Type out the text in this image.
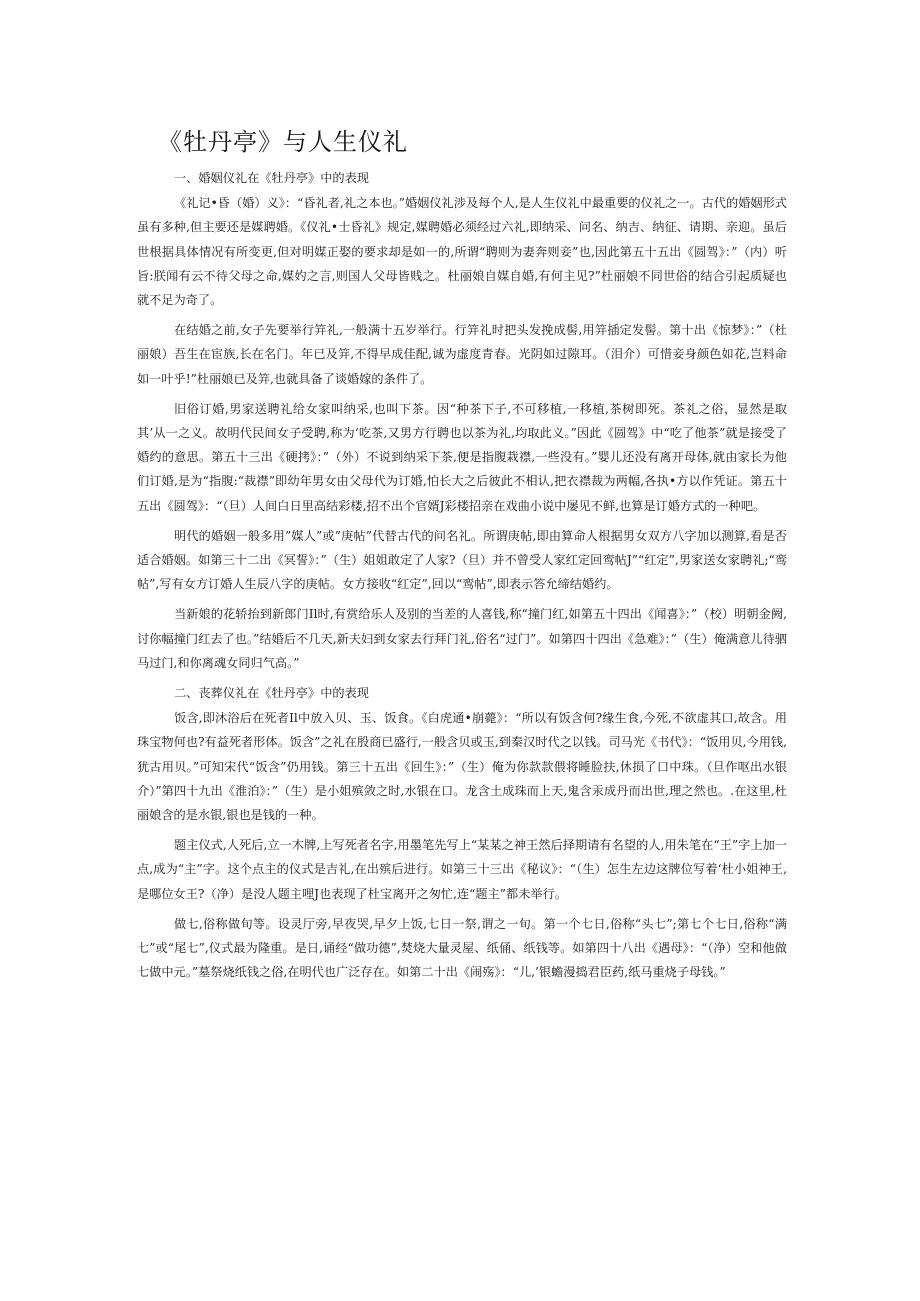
《牡丹亭》与人生仪礼

一、婚姻仪礼在《牡丹亭》中的表现

《礼记•昏（婚）义》：“昏礼者,礼之本也。”婚姻仪礼涉及每个人,是人生仪礼中最重要的仪礼之一。古代的婚姻形式虽有多种,但主要还是媒聘婚。《仪礼•士昏礼》规定,媒聘婚必须经过六礼,即纳采、问名、纳吉、纳征、请期、亲迎。虽后世根据具体情况有所变更,但对明媒正娶的要求却是如一的,所谓“聘则为妻奔则妾”也,因此第五十五出《圆驾》：”（内）听旨:朕闻有云不待父母之命,媒妁之言,则国人父母皆贱之。杜丽娘自媒自婚,有何主见?”杜丽娘不同世俗的结合引起质疑也就不足为奇了。

在结婚之前,女子先要举行笄礼,一般满十五岁举行。行笄礼时把头发挽成髻,用笄插定发髻。第十出《惊梦》：”（杜丽娘）吾生在宦族,长在名门。年已及笄,不得早成佳配,诚为虚度青春。光阴如过隙耳。（泪介）可惜妾身颜色如花,岂料命如一叶乎!”杜丽娘已及笄,也就具备了谈婚嫁的条件了。

旧俗订婚,男家送聘礼给女家叫纳采,也叫下茶。因“种茶下子,不可移植,一移植,茶树即死。茶礼之俗，显然是取其’从一之义。故明代民间女子受聘,称为‘吃茶,又男方行聘也以茶为礼,均取此义。”因此《圆驾》中“吃了他茶”就是接受了婚约的意思。第五十三出《硬拷》：”（外）不说到纳采下茶,便是指腹栽襟,一些没有。”婴儿还没有离开母体,就由家长为他们订婚,是为“指腹:“裁襟”即幼年男女由父母代为订婚,怕长大之后彼此不相认,把衣襟裁为两幅,各执•方以作凭证。第五十五出《圆驾》：“（旦）人间白日里高结彩楼,招不出个官婿J彩楼招亲在戏曲小说中屡见不鲜,也算是订婚方式的一种吧。

明代的婚姻一般多用”媒人”或”庚帖”代替古代的问名礼。所谓庚帖,即由算命人根据男女双方八字加以测算,看是否适合婚姻。如第三十二出《冥誓》：”（生）姐姐敢定了人家?（旦）并不曾受人家红定回鸾帖J”“红定”,男家送女家聘礼;“鸾帖”,写有女方订婚人生辰八字的庚帖。女方接收“红定”,回以“鸾帖”,即表示答允缔结婚约。

当新娘的花轿抬到新郎门Il时,有赏给乐人及别的当差的人喜钱,称“撞门红,如第五十四出《闻喜》：”（校）明朝金阙,讨你幅撞门红去了也。”结婚后不几天,新夫妇到女家去行拜门礼,俗名“过门”。如第四十四出《急难》：”（生）俺满意儿待驷马过门,和你离魂女同归气高。”

二、丧葬仪礼在《牡丹亭》中的表现

饭含,即沐浴后在死者Il中放入贝、玉、饭食。《白虎通•崩薨》：“所以有饭含何?缘生食,今死,不欲虚其口,故含。用珠宝物何也?有益死者形体。饭含”之礼在殷商已盛行,一般含贝或玉,到秦汉时代之以钱。司马光《书代》：“饭用贝,今用钱,犹古用贝。”可知宋代“饭含”仍用钱。第三十五出《回生》：”（生）俺为你款款偎将睡脸扶,休损了口中珠。（旦作呕出水银介）”第四十九出《淮泊》：”（生）是小姐殡敛之时,水银在口。龙含土成珠而上天,鬼含汞成丹而出世,理之然也。.在这里,杜丽娘含的是水银,银也是钱的一种。

题主仪式,人死后,立一木牌,上写死者名字,用墨笔先写上“某某之神王然后择期请有名望的人,用朱笔在“王”字上加一点,成为“主”字。这个点主的仪式是吉礼,在出殡后进行。如第三十三出《秘议》：“（生）怎生左边这牌位写着‘杜小姐神王,是哪位女王?（净）是没人题主哩J也表现了杜宝离开之匆忙,连“题主”都未举行。

做七,俗称做旬等。设灵厅旁,早夜哭,早夕上饭,七日一祭,谓之一旬。第一个七日,俗称“头七”;第七个七日,俗称“满七”或“尾七”,仪式最为隆重。是日,诵经“做功德”,焚烧大量灵屋、纸俑、纸钱等。如第四十八出《遇母》：“（净）空和他做七做中元。”墓祭烧纸钱之俗,在明代也广泛存在。如第二十出《闹殇》：“儿,’银蟾漫捣君臣药,纸马重烧子母钱。”
